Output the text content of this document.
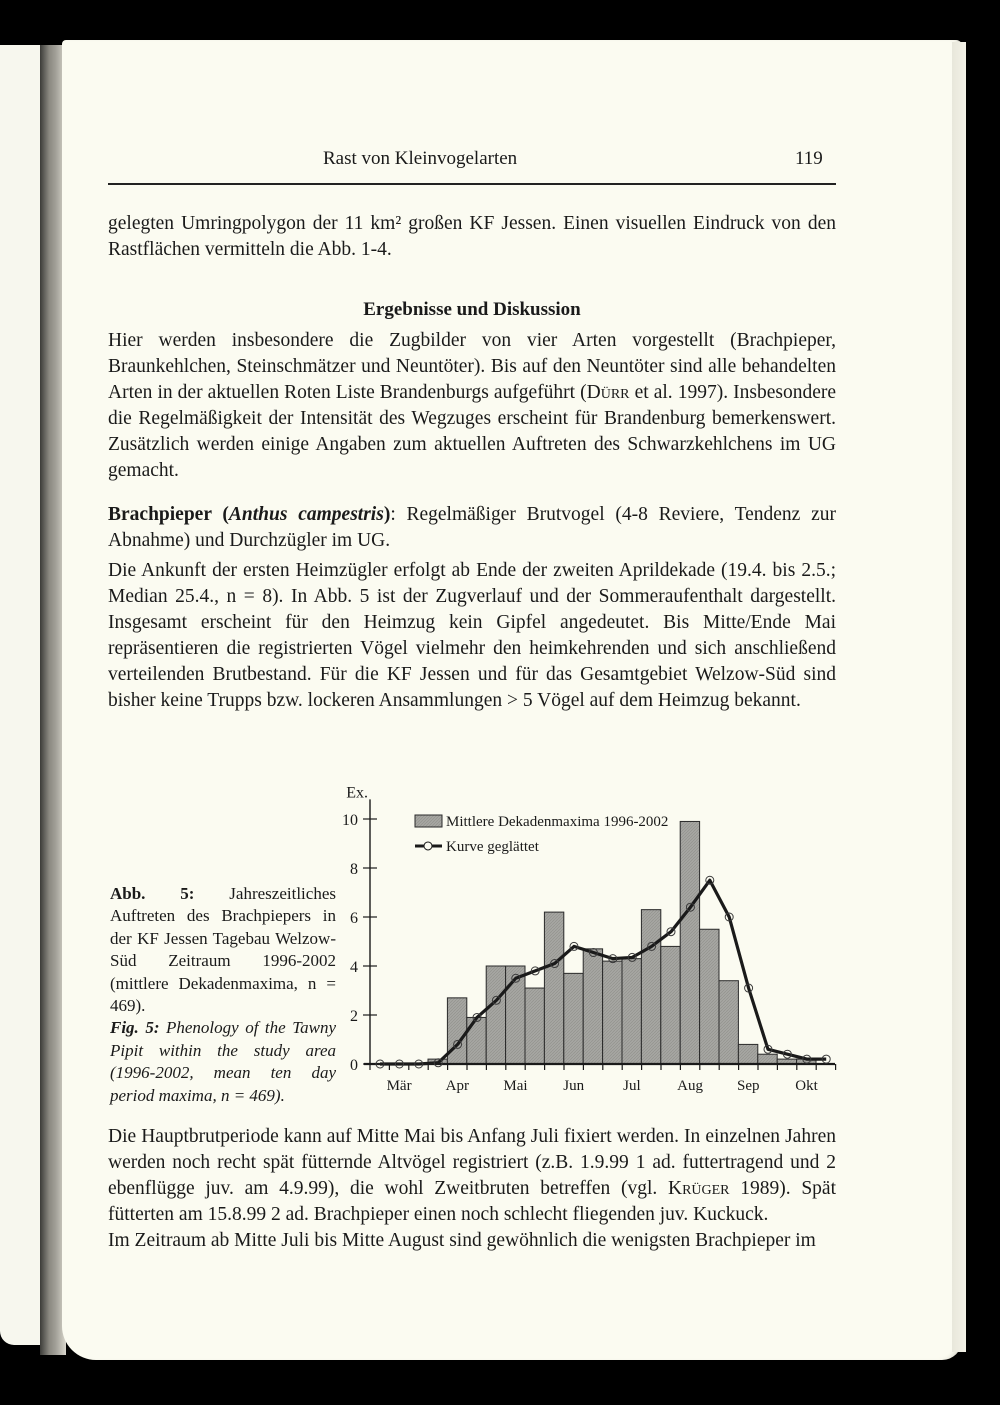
Rast von Kleinvogelarten	119

gelegten Umringpolygon der 11 km² großen KF Jessen. Einen visuellen Eindruck von den Rastflächen vermitteln die Abb. 1-4.

Ergebnisse und Diskussion

Hier werden insbesondere die Zugbilder von vier Arten vorgestellt (Brachpieper, Braunkehlchen, Steinschmätzer und Neuntöter). Bis auf den Neuntöter sind alle behandelten Arten in der aktuellen Roten Liste Brandenburgs aufgeführt (Dürr et al. 1997). Insbesondere die Regelmäßigkeit der Intensität des Wegzuges erscheint für Brandenburg bemerkenswert. Zusätzlich werden einige Angaben zum aktuellen Auftreten des Schwarzkehlchens im UG gemacht.

Brachpieper (Anthus campestris): Regelmäßiger Brutvogel (4-8 Reviere, Tendenz zur Abnahme) und Durchzügler im UG.

Die Ankunft der ersten Heimzügler erfolgt ab Ende der zweiten Aprildekade (19.4. bis 2.5.; Median 25.4., n = 8). In Abb. 5 ist der Zugverlauf und der Sommeraufenthalt dargestellt. Insgesamt erscheint für den Heimzug kein Gipfel angedeutet. Bis Mitte/Ende Mai repräsentieren die registrierten Vögel vielmehr den heimkehrenden und sich anschließend verteilenden Brutbestand. Für die KF Jessen und für das Gesamtgebiet Welzow-Süd sind bisher keine Trupps bzw. lockeren Ansammlungen > 5 Vögel auf dem Heimzug bekannt.

Abb. 5: Jahreszeitliches Auftreten des Brachpiepers in der KF Jessen Tagebau Welzow-Süd Zeitraum 1996-2002 (mittlere Dekadenmaxima, n = 469).

Fig. 5: Phenology of the Tawny Pipit within the study area (1996-2002, mean ten day period maxima, n = 469).

0
2
4
6
8
10
Ex.
Mär Apr Mai Jun	Jul Aug Sep Okt
Mittlere Dekadenmaxima 1996-2002
Kurve geglättet

Die Hauptbrutperiode kann auf Mitte Mai bis Anfang Juli fixiert werden. In einzelnen Jahren werden noch recht spät fütternde Altvögel registriert (z.B. 1.9.99 1 ad. futtertragend und 2 ebenflügge juv. am 4.9.99), die wohl Zweitbruten betreffen (vgl. Krüger 1989). Spät fütterten am 15.8.99 2 ad. Brachpieper einen noch schlecht fliegenden juv. Kuckuck.

Im Zeitraum ab Mitte Juli bis Mitte August sind gewöhnlich die wenigsten Brachpieper im
